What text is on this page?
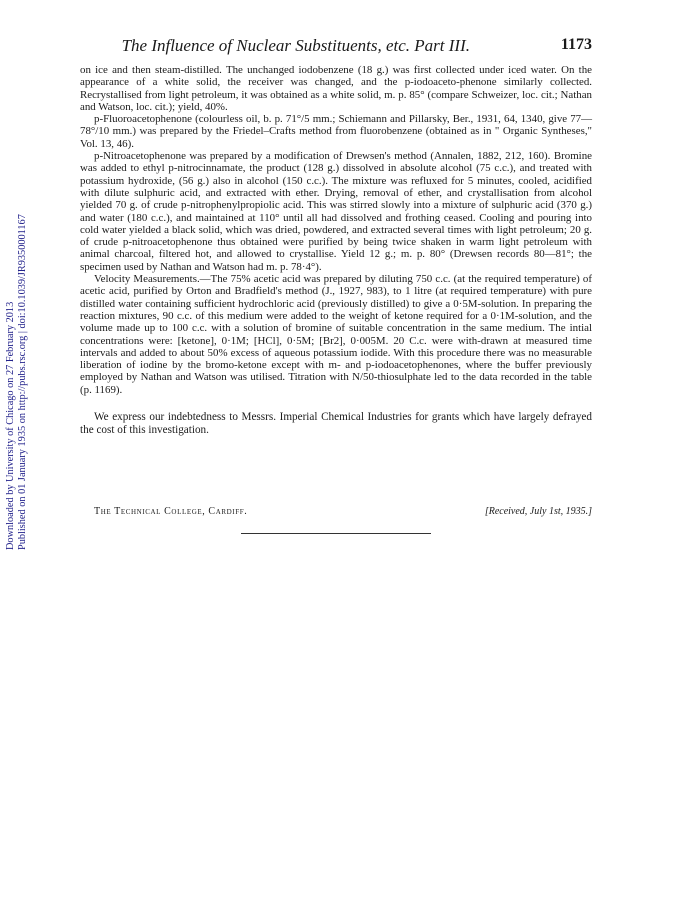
Downloaded by University of Chicago on 27 February 2013 Published on 01 January 1935 on http://pubs.rsc.org | doi:10.1039/JR9350001167
The Influence of Nuclear Substituents, etc. Part III.	1173

on ice and then steam-distilled. The unchanged iodobenzene (18 g.) was first collected under iced water. On the appearance of a white solid, the receiver was changed, and the p-iodoaceto-phenone similarly collected. Recrystallised from light petroleum, it was obtained as a white solid, m. p. 85° (compare Schweizer, loc. cit.; Nathan and Watson, loc. cit.); yield, 40%.

p-Fluoroacetophenone (colourless oil, b. p. 71°/5 mm.; Schiemann and Pillarsky, Ber., 1931, 64, 1340, give 77—78°/10 mm.) was prepared by the Friedel–Crafts method from fluorobenzene (obtained as in " Organic Syntheses," Vol. 13, 46).

p-Nitroacetophenone was prepared by a modification of Drewsen's method (Annalen, 1882, 212, 160). Bromine was added to ethyl p-nitrocinnamate, the product (128 g.) dissolved in absolute alcohol (75 c.c.), and treated with potassium hydroxide, (56 g.) also in alcohol (150 c.c.). The mixture was refluxed for 5 minutes, cooled, acidified with dilute sulphuric acid, and extracted with ether. Drying, removal of ether, and crystallisation from alcohol yielded 70 g. of crude p-nitrophenylpropiolic acid. This was stirred slowly into a mixture of sulphuric acid (370 g.) and water (180 c.c.), and maintained at 110° until all had dissolved and frothing ceased. Cooling and pouring into cold water yielded a black solid, which was dried, powdered, and extracted several times with light petroleum; 20 g. of crude p-nitroacetophenone thus obtained were purified by being twice shaken in warm light petroleum with animal charcoal, filtered hot, and allowed to crystallise. Yield 12 g.; m. p. 80° (Drewsen records 80—81°; the specimen used by Nathan and Watson had m. p. 78·4°).

Velocity Measurements.—The 75% acetic acid was prepared by diluting 750 c.c. (at the required temperature) of acetic acid, purified by Orton and Bradfield's method (J., 1927, 983), to 1 litre (at required temperature) with pure distilled water containing sufficient hydrochloric acid (previously distilled) to give a 0·5M-solution. In preparing the reaction mixtures, 90 c.c. of this medium were added to the weight of ketone required for a 0·1M-solution, and the volume made up to 100 c.c. with a solution of bromine of suitable concentration in the same medium. The intial concentrations were: [ketone], 0·1M; [HCl], 0·5M; [Br2], 0·005M. 20 C.c. were with-drawn at measured time intervals and added to about 50% excess of aqueous potassium iodide. With this procedure there was no measurable liberation of iodine by the bromo-ketone except with m- and p-iodoacetophenones, where the buffer previously employed by Nathan and Watson was utilised. Titration with N/50-thiosulphate led to the data recorded in the table (p. 1169).

We express our indebtedness to Messrs. Imperial Chemical Industries for grants which have largely defrayed the cost of this investigation.

The Technical College, Cardiff.	[Received, July 1st, 1935.]
